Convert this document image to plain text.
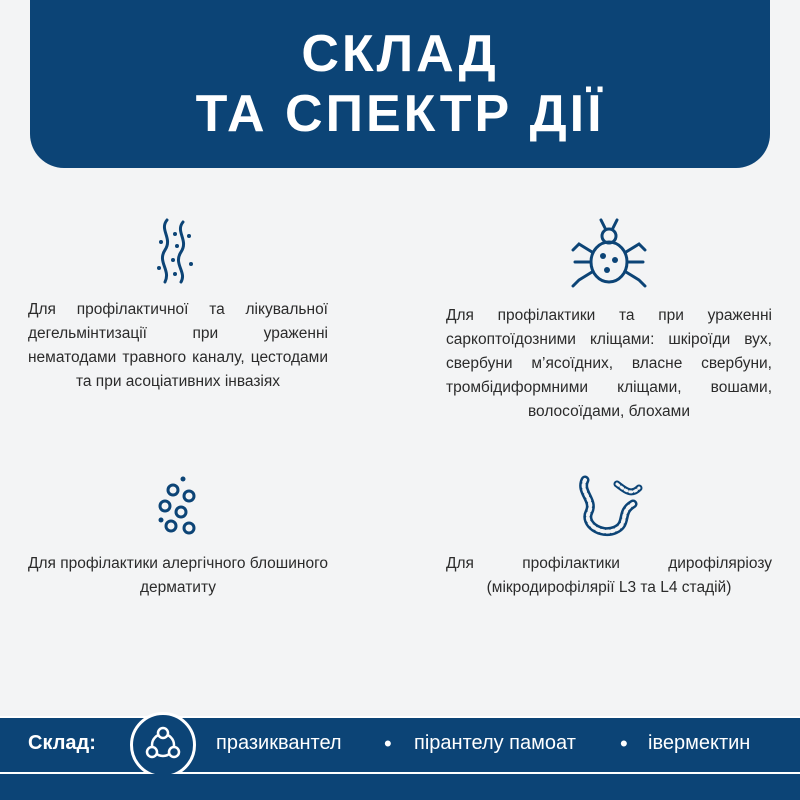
СКЛАД
ТА СПЕКТР ДІЇ
Для профілактичної та лікувальної дегельмінтизації при ураженні нематодами травного каналу, цестодами та при асоціативних інвазіях
Для профілактики та при ураженні саркоптоїдозними кліщами: шкіроїди вух, свербуни м’ясоїдних, власне свербуни, тромбідиформними кліщами, вошами, волосоїдами, блохами
Для профілактики алергічного блошиного дерматиту
Для профілактики дирофіляріозу (мікродирофілярії L3 та L4 стадій)
Склад:	празиквантел • пірантелу памоат • івермектин
